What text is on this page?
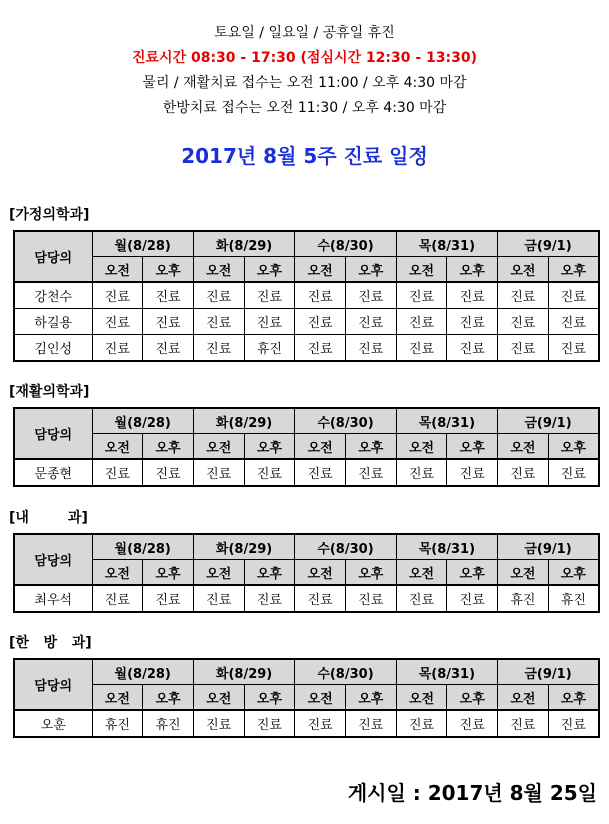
토요일 / 일요일 / 공휴일 휴진
진료시간 08:30 - 17:30 (점심시간 12:30 - 13:30)
물리 / 재활치료 접수는 오전 11:00 / 오후 4:30 마감
한방치료 접수는 오전 11:30 / 오후 4:30 마감
2017년 8월 5주 진료 일정
[가정의학과]
담당의	월(8/28)		화(8/29)		수(8/30)		목(8/31)		금(9/1)	
	오전	오후	오전	오후	오전	오후	오전	오후	오전	오후
강천수	진료	진료	진료	진료	진료	진료	진료	진료	진료	진료
하길용	진료	진료	진료	진료	진료	진료	진료	진료	진료	진료
김인성	진료	진료	진료	휴진	진료	진료	진료	진료	진료	진료
[재활의학과]
담당의	월(8/28)		화(8/29)		수(8/30)		목(8/31)		금(9/1)	
	오전	오후	오전	오후	오전	오후	오전	오후	오전	오후
문종현	진료	진료	진료	진료	진료	진료	진료	진료	진료	진료
[내        과]
담당의	월(8/28)		화(8/29)		수(8/30)		목(8/31)		금(9/1)	
	오전	오후	오전	오후	오전	오후	오전	오후	오전	오후
최우석	진료	진료	진료	진료	진료	진료	진료	진료	휴진	휴진
[한   방   과]
담당의	월(8/28)		화(8/29)		수(8/30)		목(8/31)		금(9/1)	
	오전	오후	오전	오후	오전	오후	오전	오후	오전	오후
오훈	휴진	휴진	진료	진료	진료	진료	진료	진료	진료	진료
게시일 : 2017년 8월 25일
